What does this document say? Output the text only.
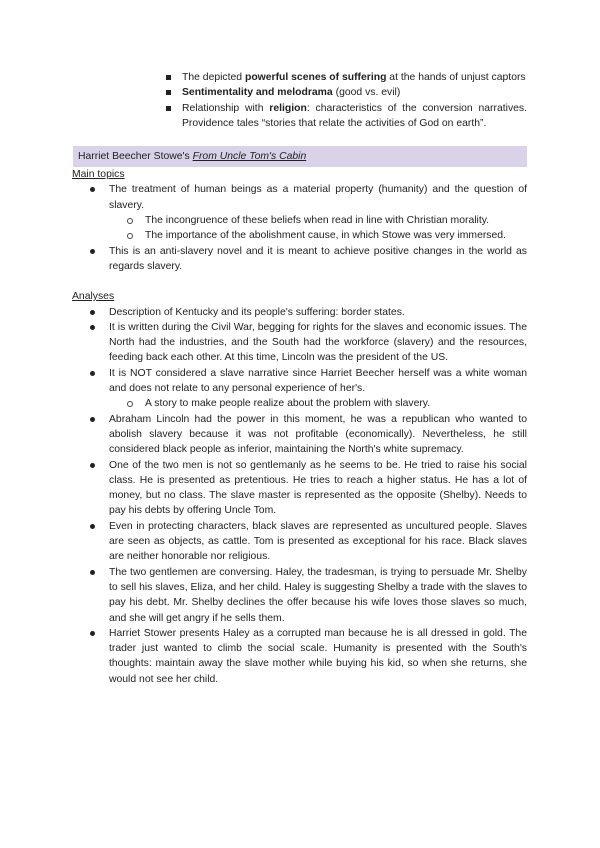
The depicted powerful scenes of suffering at the hands of unjust captors
Sentimentality and melodrama (good vs. evil)
Relationship with religion: characteristics of the conversion narratives. Providence tales “stories that relate the activities of God on earth”.
Harriet Beecher Stowe's From Uncle Tom's Cabin
Main topics
The treatment of human beings as a material property (humanity) and the question of slavery.
The incongruence of these beliefs when read in line with Christian morality.
The importance of the abolishment cause, in which Stowe was very immersed.
This is an anti-slavery novel and it is meant to achieve positive changes in the world as regards slavery.
Analyses
Description of Kentucky and its people's suffering: border states.
It is written during the Civil War, begging for rights for the slaves and economic issues. The North had the industries, and the South had the workforce (slavery) and the resources, feeding back each other. At this time, Lincoln was the president of the US.
It is NOT considered a slave narrative since Harriet Beecher herself was a white woman and does not relate to any personal experience of her's.
A story to make people realize about the problem with slavery.
Abraham Lincoln had the power in this moment, he was a republican who wanted to abolish slavery because it was not profitable (economically). Nevertheless, he still considered black people as inferior, maintaining the North's white supremacy.
One of the two men is not so gentlemanly as he seems to be. He tried to raise his social class. He is presented as pretentious. He tries to reach a higher status. He has a lot of money, but no class. The slave master is represented as the opposite (Shelby). Needs to pay his debts by offering Uncle Tom.
Even in protecting characters, black slaves are represented as uncultured people. Slaves are seen as objects, as cattle. Tom is presented as exceptional for his race. Black slaves are neither honorable nor religious.
The two gentlemen are conversing. Haley, the tradesman, is trying to persuade Mr. Shelby to sell his slaves, Eliza, and her child. Haley is suggesting Shelby a trade with the slaves to pay his debt. Mr. Shelby declines the offer because his wife loves those slaves so much, and she will get angry if he sells them.
Harriet Stower presents Haley as a corrupted man because he is all dressed in gold. The trader just wanted to climb the social scale. Humanity is presented with the South's thoughts: maintain away the slave mother while buying his kid, so when she returns, she would not see her child.
